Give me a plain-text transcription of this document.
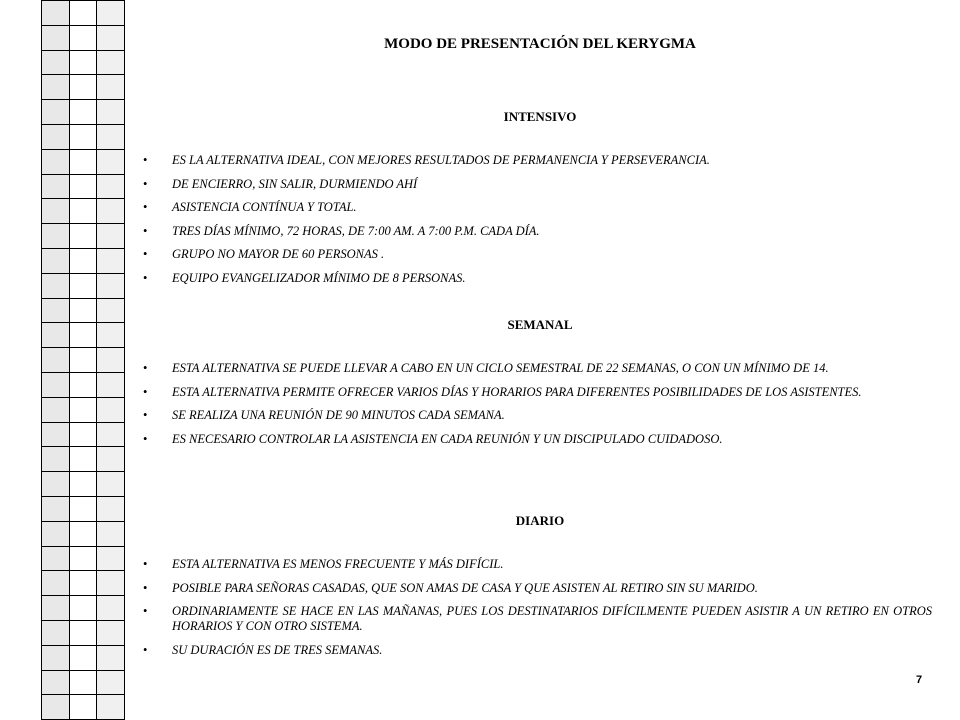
MODO DE PRESENTACIÓN DEL KERYGMA
INTENSIVO
• ES LA ALTERNATIVA IDEAL, CON MEJORES RESULTADOS DE PERMANENCIA Y PERSEVERANCIA.
• DE ENCIERRO, SIN SALIR, DURMIENDO AHÍ
• ASISTENCIA CONTÍNUA Y TOTAL.
• TRES DÍAS MÍNIMO, 72 HORAS, DE 7:00 AM. A 7:00 P.M. CADA DÍA.
• GRUPO NO MAYOR DE 60 PERSONAS .
• EQUIPO EVANGELIZADOR MÍNIMO DE 8 PERSONAS.
SEMANAL
• ESTA ALTERNATIVA SE PUEDE LLEVAR A CABO EN UN CICLO SEMESTRAL DE 22 SEMANAS, O CON UN MÍNIMO DE 14.
• ESTA ALTERNATIVA PERMITE OFRECER VARIOS DÍAS Y HORARIOS PARA DIFERENTES POSIBILIDADES DE LOS ASISTENTES.
• SE REALIZA UNA REUNIÓN DE 90 MINUTOS CADA SEMANA.
• ES NECESARIO CONTROLAR LA ASISTENCIA EN CADA REUNIÓN Y UN DISCIPULADO CUIDADOSO.
DIARIO
• ESTA ALTERNATIVA ES MENOS FRECUENTE Y MÁS DIFÍCIL.
• POSIBLE PARA SEÑORAS CASADAS, QUE SON AMAS DE CASA Y QUE ASISTEN AL RETIRO SIN SU MARIDO.
• ORDINARIAMENTE SE HACE EN LAS MAÑANAS, PUES LOS DESTINATARIOS DIFÍCILMENTE PUEDEN ASISTIR A UN RETIRO EN OTROS HORARIOS Y CON OTRO SISTEMA.
• SU DURACIÓN ES DE TRES SEMANAS.
7
